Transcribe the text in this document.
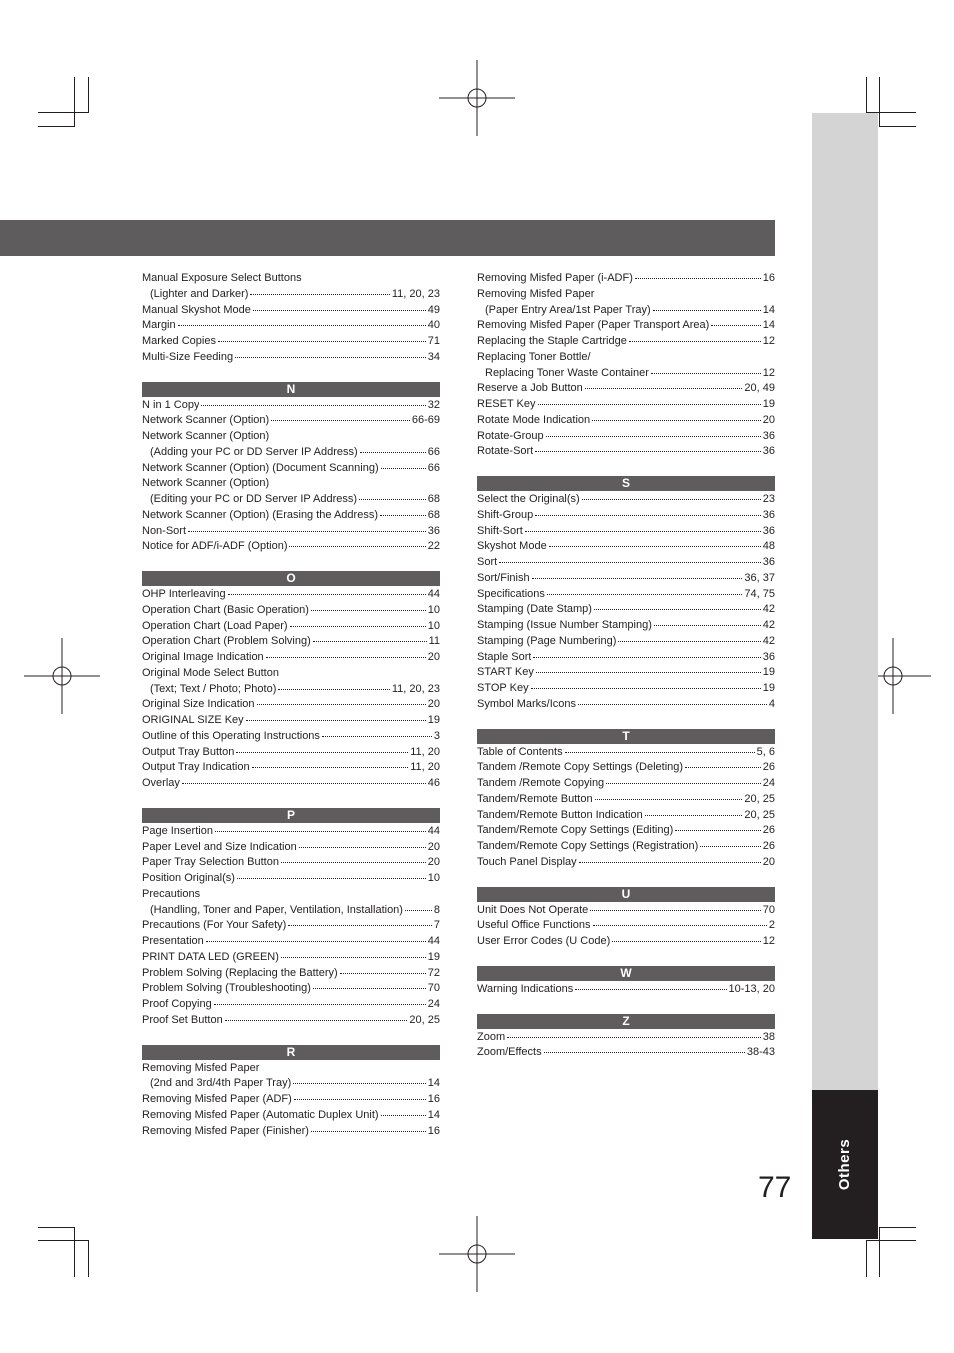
Others
Manual Exposure Select Buttons
(Lighter and Darker)	11, 20, 23
Manual Skyshot Mode	49
Margin	40
Marked Copies	71
Multi-Size Feeding	34
N
N in 1 Copy	32
Network Scanner (Option)	66-69
Network Scanner (Option)
(Adding your PC or DD Server IP Address)	66
Network Scanner (Option) (Document Scanning)	66
Network Scanner (Option)
(Editing your PC or DD Server IP Address)	68
Network Scanner (Option) (Erasing the Address)	68
Non-Sort	36
Notice for ADF/i-ADF (Option)	22
O
OHP Interleaving	44
Operation Chart (Basic Operation)	10
Operation Chart (Load Paper)	10
Operation Chart (Problem Solving)	11
Original Image Indication	20
Original Mode Select Button
(Text; Text / Photo; Photo)	11, 20, 23
Original Size Indication	20
ORIGINAL SIZE Key	19
Outline of this Operating Instructions	3
Output Tray Button	11, 20
Output Tray Indication	11, 20
Overlay	46
P
Page Insertion	44
Paper Level and Size Indication	20
Paper Tray Selection Button	20
Position Original(s)	10
Precautions
(Handling, Toner and Paper, Ventilation, Installation)	8
Precautions (For Your Safety)	7
Presentation	44
PRINT DATA LED (GREEN)	19
Problem Solving (Replacing the Battery)	72
Problem Solving (Troubleshooting)	70
Proof Copying	24
Proof Set Button	20, 25
R
Removing Misfed Paper
(2nd and 3rd/4th Paper Tray)	14
Removing Misfed Paper (ADF)	16
Removing Misfed Paper (Automatic Duplex Unit)	14
Removing Misfed Paper (Finisher)	16
Removing Misfed Paper (i-ADF)	16
Removing Misfed Paper
(Paper Entry Area/1st Paper Tray)	14
Removing Misfed Paper (Paper Transport Area)	14
Replacing the Staple Cartridge	12
Replacing Toner Bottle/
Replacing Toner Waste Container	12
Reserve a Job Button	20, 49
RESET Key	19
Rotate Mode Indication	20
Rotate-Group	36
Rotate-Sort	36
S
Select the Original(s)	23
Shift-Group	36
Shift-Sort	36
Skyshot Mode	48
Sort	36
Sort/Finish	36, 37
Specifications	74, 75
Stamping (Date Stamp)	42
Stamping (Issue Number Stamping)	42
Stamping (Page Numbering)	42
Staple Sort	36
START Key	19
STOP Key	19
Symbol Marks/Icons	4
T
Table of Contents	5, 6
Tandem /Remote Copy Settings (Deleting)	26
Tandem /Remote Copying	24
Tandem/Remote Button	20, 25
Tandem/Remote Button Indication	20, 25
Tandem/Remote Copy Settings (Editing)	26
Tandem/Remote Copy Settings (Registration)	26
Touch Panel Display	20
U
Unit Does Not Operate	70
Useful Office Functions	2
User Error Codes (U Code)	12
W
Warning Indications	10-13, 20
Z
Zoom	38
Zoom/Effects	38-43
77
